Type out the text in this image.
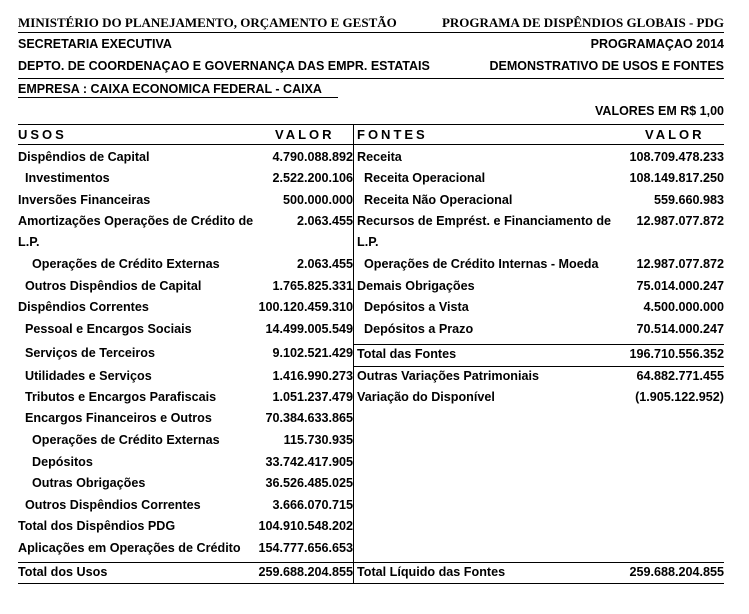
MINISTÉRIO DO PLANEJAMENTO, ORÇAMENTO E GESTÃO	PROGRAMA DE DISPÊNDIOS GLOBAIS - PDG
SECRETARIA EXECUTIVA	PROGRAMAÇAO 2014
DEPTO. DE COORDENAÇAO E GOVERNANÇA DAS EMPR. ESTATAIS	DEMONSTRATIVO DE USOS E FONTES
EMPRESA : CAIXA ECONOMICA FEDERAL - CAIXA
VALORES EM R$ 1,00
USOS	VALOR FONTES	VALOR
Dispêndios de Capital	4.790.088.892
Investimentos	2.522.200.106
Inversões Financeiras	500.000.000
Amortizações Operações de Crédito de L.P.
2.063.455
Operações de Crédito Externas	2.063.455
Outros Dispêndios de Capital	1.765.825.331
Dispêndios Correntes	100.120.459.310
Pessoal e Encargos Sociais	14.499.005.549
Serviços de Terceiros	9.102.521.429
Utilidades e Serviços	1.416.990.273
Tributos e Encargos Parafiscais	1.051.237.479
Encargos Financeiros e Outros	70.384.633.865
Operações de Crédito Externas	115.730.935
Depósitos	33.742.417.905
Outras Obrigações	36.526.485.025
Outros Dispêndios Correntes	3.666.070.715
Total dos Dispêndios PDG	104.910.548.202
Aplicações em Operações de Crédito 154.777.656.653
Total dos Usos	259.688.204.855
Receita	108.709.478.233
Receita Operacional	108.149.817.250
Receita Não Operacional	559.660.983
Recursos de Emprést. e Financiamento de L.P.
12.987.077.872
Operações de Crédito Internas - Moeda	12.987.077.872
Demais Obrigações	75.014.000.247
Depósitos a Vista	4.500.000.000
Depósitos a Prazo	70.514.000.247
Total das Fontes	196.710.556.352
Outras Variações Patrimoniais	64.882.771.455
Variação do Disponível	(1.905.122.952)
Total Líquido das Fontes	259.688.204.855
